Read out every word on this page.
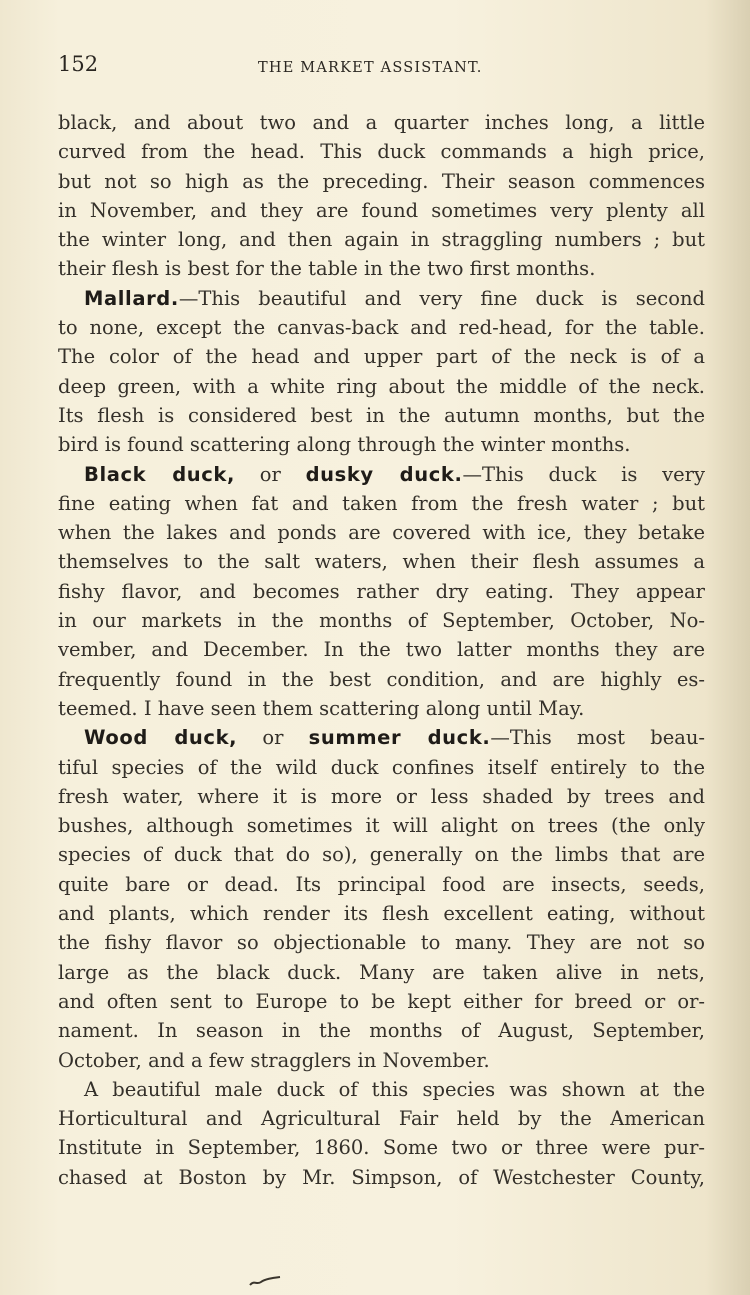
152	THE MARKET ASSISTANT.
black, and about two and a quarter inches long, a little
curved from the head. This duck commands a high price,
but not so high as the preceding. Their season commences
in November, and they are found sometimes very plenty all
the winter long, and then again in straggling numbers ; but
their flesh is best for the table in the two first months.
Mallard.—This beautiful and very fine duck is second
to none, except the canvas-back and red-head, for the table.
The color of the head and upper part of the neck is of a
deep green, with a white ring about the middle of the neck.
Its flesh is considered best in the autumn months, but the
bird is found scattering along through the winter months.
Black duck, or dusky duck.—This duck is very
fine eating when fat and taken from the fresh water ; but
when the lakes and ponds are covered with ice, they betake
themselves to the salt waters, when their flesh assumes a
fishy flavor, and becomes rather dry eating. They appear
in our markets in the months of September, October, No-
vember, and December. In the two latter months they are
frequently found in the best condition, and are highly es-
teemed. I have seen them scattering along until May.
Wood duck, or summer duck.—This most beau-
tiful species of the wild duck confines itself entirely to the
fresh water, where it is more or less shaded by trees and
bushes, although sometimes it will alight on trees (the only
species of duck that do so), generally on the limbs that are
quite bare or dead. Its principal food are insects, seeds,
and plants, which render its flesh excellent eating, without
the fishy flavor so objectionable to many. They are not so
large as the black duck. Many are taken alive in nets,
and often sent to Europe to be kept either for breed or or-
nament. In season in the months of August, September,
October, and a few stragglers in November.
A beautiful male duck of this species was shown at the
Horticultural and Agricultural Fair held by the American
Institute in September, 1860. Some two or three were pur-
chased at Boston by Mr. Simpson, of Westchester County,
